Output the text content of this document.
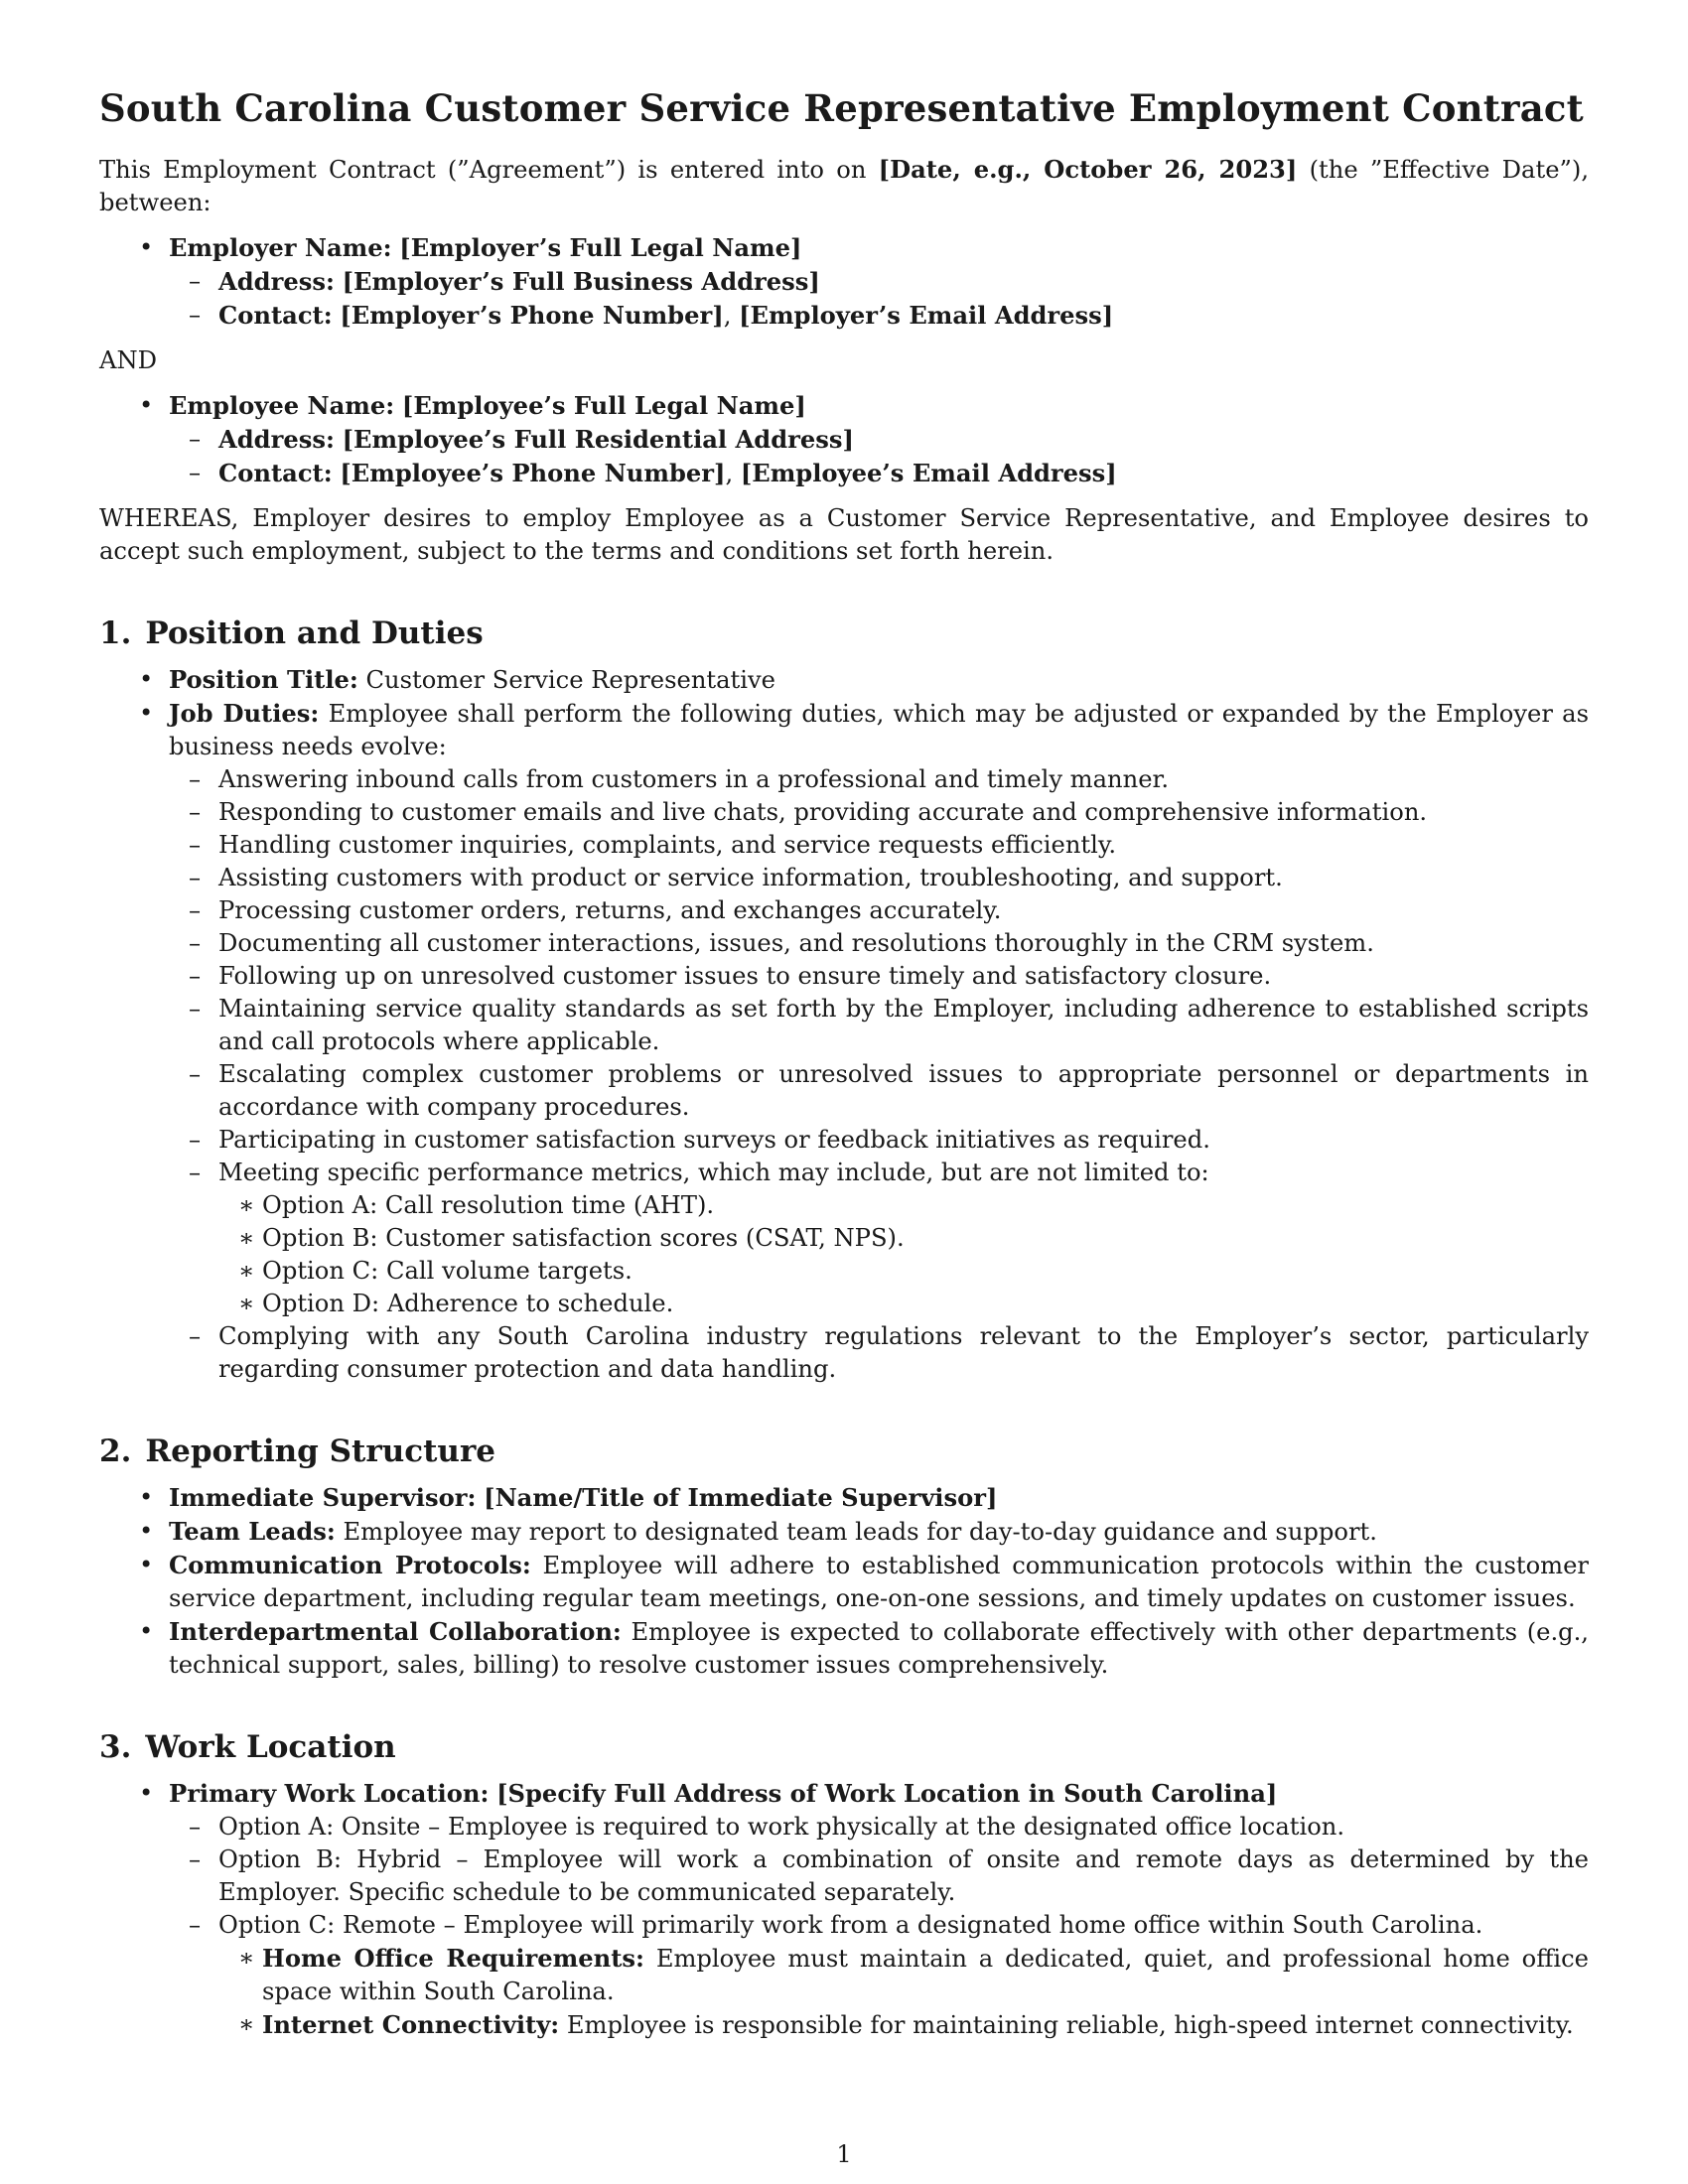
South Carolina Customer Service Representative Employment Contract

This Employment Contract (”Agreement”) is entered into on [Date, e.g., October 26, 2023] (the ”Effective Date”), between:

• Employer Name: [Employer’s Full Legal Name]
– Address: [Employer’s Full Business Address]
– Contact: [Employer’s Phone Number], [Employer’s Email Address]

AND

• Employee Name: [Employee’s Full Legal Name]
– Address: [Employee’s Full Residential Address]
– Contact: [Employee’s Phone Number], [Employee’s Email Address]

WHEREAS, Employer desires to employ Employee as a Customer Service Representative, and Employee desires to accept such employment, subject to the terms and conditions set forth herein.

1. Position and Duties
• Position Title: Customer Service Representative
• Job Duties: Employee shall perform the following duties, which may be adjusted or expanded by the Employer as business needs evolve:
– Answering inbound calls from customers in a professional and timely manner.
– Responding to customer emails and live chats, providing accurate and comprehensive information.
– Handling customer inquiries, complaints, and service requests efficiently.
– Assisting customers with product or service information, troubleshooting, and support.
– Processing customer orders, returns, and exchanges accurately.
– Documenting all customer interactions, issues, and resolutions thoroughly in the CRM system.
– Following up on unresolved customer issues to ensure timely and satisfactory closure.
– Maintaining service quality standards as set forth by the Employer, including adherence to established scripts and call protocols where applicable.
– Escalating complex customer problems or unresolved issues to appropriate personnel or departments in accordance with company procedures.
– Participating in customer satisfaction surveys or feedback initiatives as required.
– Meeting specific performance metrics, which may include, but are not limited to:
∗ Option A: Call resolution time (AHT).
∗ Option B: Customer satisfaction scores (CSAT, NPS).
∗ Option C: Call volume targets.
∗ Option D: Adherence to schedule.
– Complying with any South Carolina industry regulations relevant to the Employer’s sector, particularly regarding consumer protection and data handling.
2. Reporting Structure
• Immediate Supervisor: [Name/Title of Immediate Supervisor]
• Team Leads: Employee may report to designated team leads for day-to-day guidance and support.
• Communication Protocols: Employee will adhere to established communication protocols within the customer service department, including regular team meetings, one-on-one sessions, and timely updates on customer issues.
• Interdepartmental Collaboration: Employee is expected to collaborate effectively with other departments (e.g., technical support, sales, billing) to resolve customer issues comprehensively.
3. Work Location
• Primary Work Location: [Specify Full Address of Work Location in South Carolina]
– Option A: Onsite – Employee is required to work physically at the designated office location.
– Option B: Hybrid – Employee will work a combination of onsite and remote days as determined by the Employer. Specific schedule to be communicated separately.
– Option C: Remote – Employee will primarily work from a designated home office within South Carolina.
∗ Home Office Requirements: Employee must maintain a dedicated, quiet, and professional home office space within South Carolina.
∗ Internet Connectivity: Employee is responsible for maintaining reliable, high-speed internet connectivity.
1
